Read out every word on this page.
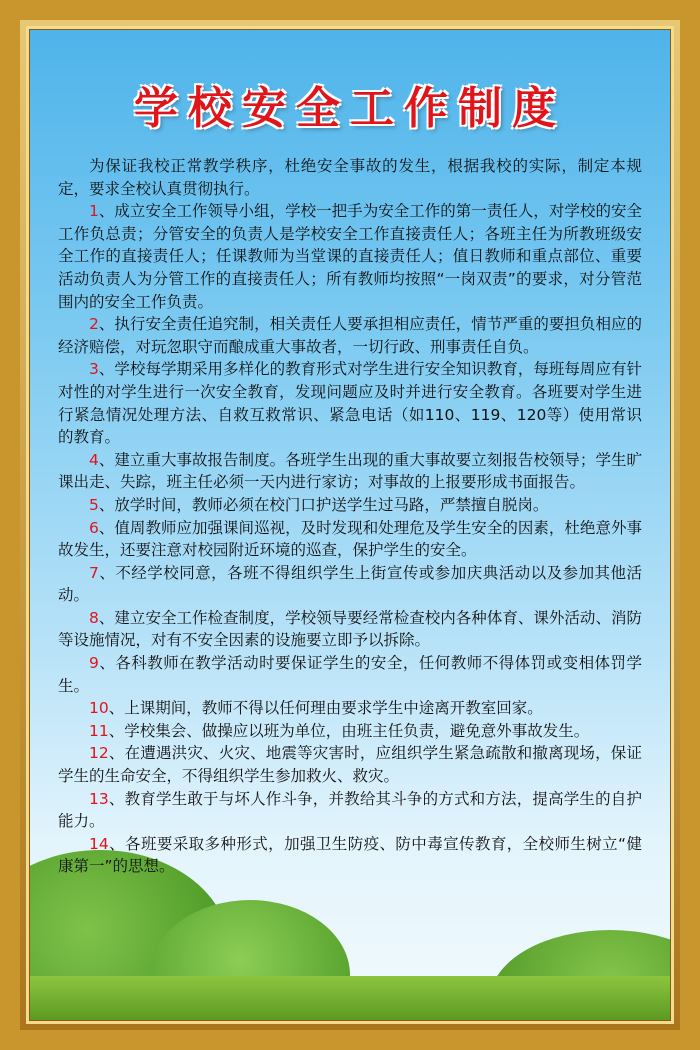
学校安全工作制度

为保证我校正常教学秩序，杜绝安全事故的发生，根据我校的实际，制定本规定，要求全校认真贯彻执行。

1、成立安全工作领导小组，学校一把手为安全工作的第一责任人，对学校的安全工作负总责；分管安全的负责人是学校安全工作直接责任人；各班主任为所教班级安全工作的直接责任人；任课教师为当堂课的直接责任人；值日教师和重点部位、重要活动负责人为分管工作的直接责任人；所有教师均按照“一岗双责”的要求，对分管范围内的安全工作负责。

2、执行安全责任追究制，相关责任人要承担相应责任，情节严重的要担负相应的经济赔偿，对玩忽职守而酿成重大事故者，一切行政、刑事责任自负。

3、学校每学期采用多样化的教育形式对学生进行安全知识教育，每班每周应有针对性的对学生进行一次安全教育，发现问题应及时并进行安全教育。各班要对学生进行紧急情况处理方法、自救互救常识、紧急电话（如110、119、120等）使用常识的教育。

4、建立重大事故报告制度。各班学生出现的重大事故要立刻报告校领导；学生旷课出走、失踪，班主任必须一天内进行家访；对事故的上报要形成书面报告。

5、放学时间，教师必须在校门口护送学生过马路，严禁擅自脱岗。

6、值周教师应加强课间巡视，及时发现和处理危及学生安全的因素，杜绝意外事故发生，还要注意对校园附近环境的巡查，保护学生的安全。

7、不经学校同意，各班不得组织学生上街宣传或参加庆典活动以及参加其他活动。

8、建立安全工作检查制度，学校领导要经常检查校内各种体育、课外活动、消防等设施情况，对有不安全因素的设施要立即予以拆除。

9、各科教师在教学活动时要保证学生的安全，任何教师不得体罚或变相体罚学生。

10、上课期间，教师不得以任何理由要求学生中途离开教室回家。

11、学校集会、做操应以班为单位，由班主任负责，避免意外事故发生。

12、在遭遇洪灾、火灾、地震等灾害时，应组织学生紧急疏散和撤离现场，保证学生的生命安全，不得组织学生参加救火、救灾。

13、教育学生敢于与坏人作斗争，并教给其斗争的方式和方法，提高学生的自护能力。

14、各班要采取多种形式，加强卫生防疫、防中毒宣传教育，全校师生树立“健康第一”的思想。
